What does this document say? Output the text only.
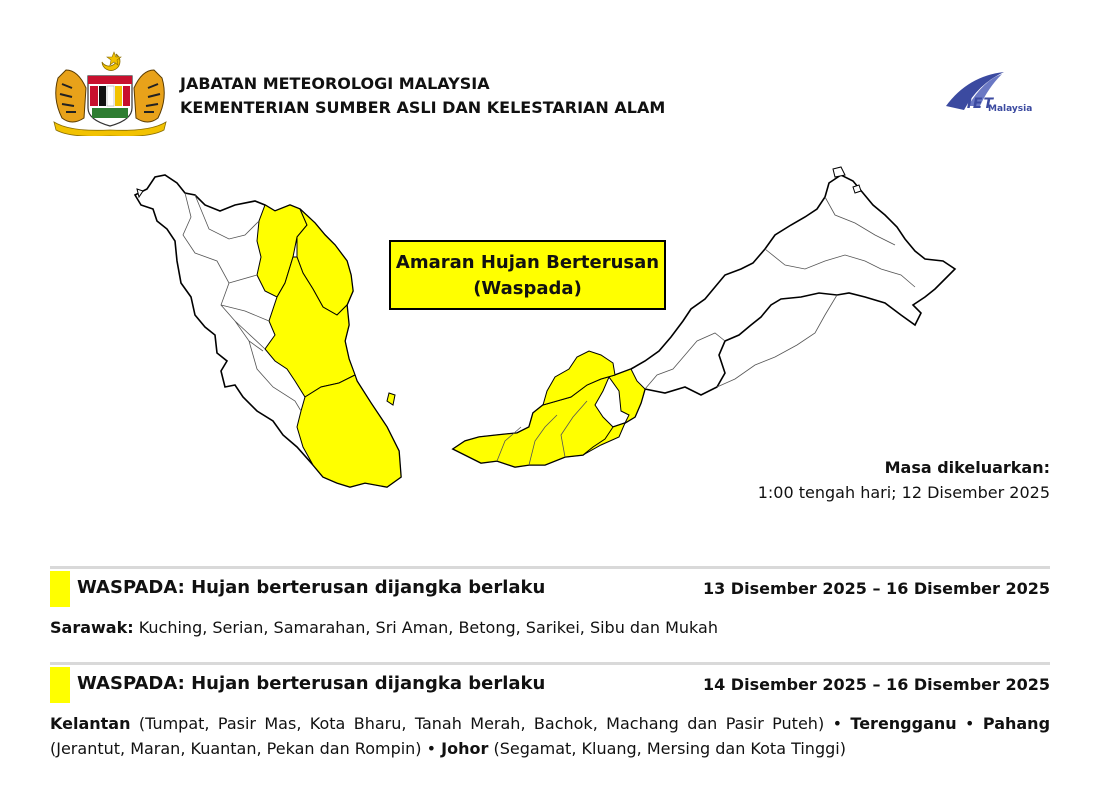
JABATAN METEOROLOGI MALAYSIA
KEMENTERIAN SUMBER ASLI DAN KELESTARIAN ALAM	MET
Malaysia
Amaran Hujan Berterusan
(Waspada)
Masa dikeluarkan:
1:00 tengah hari; 12 Disember 2025
WASPADA: Hujan berterusan dijangka berlaku	13 Disember 2025 – 16 Disember 2025
Sarawak: Kuching, Serian, Samarahan, Sri Aman, Betong, Sarikei, Sibu dan Mukah
WASPADA: Hujan berterusan dijangka berlaku	14 Disember 2025 – 16 Disember 2025
Kelantan (Tumpat, Pasir Mas, Kota Bharu, Tanah Merah, Bachok, Machang dan Pasir Puteh) • Terengganu • Pahang (Jerantut, Maran, Kuantan, Pekan dan Rompin) • Johor (Segamat, Kluang, Mersing dan Kota Tinggi)
